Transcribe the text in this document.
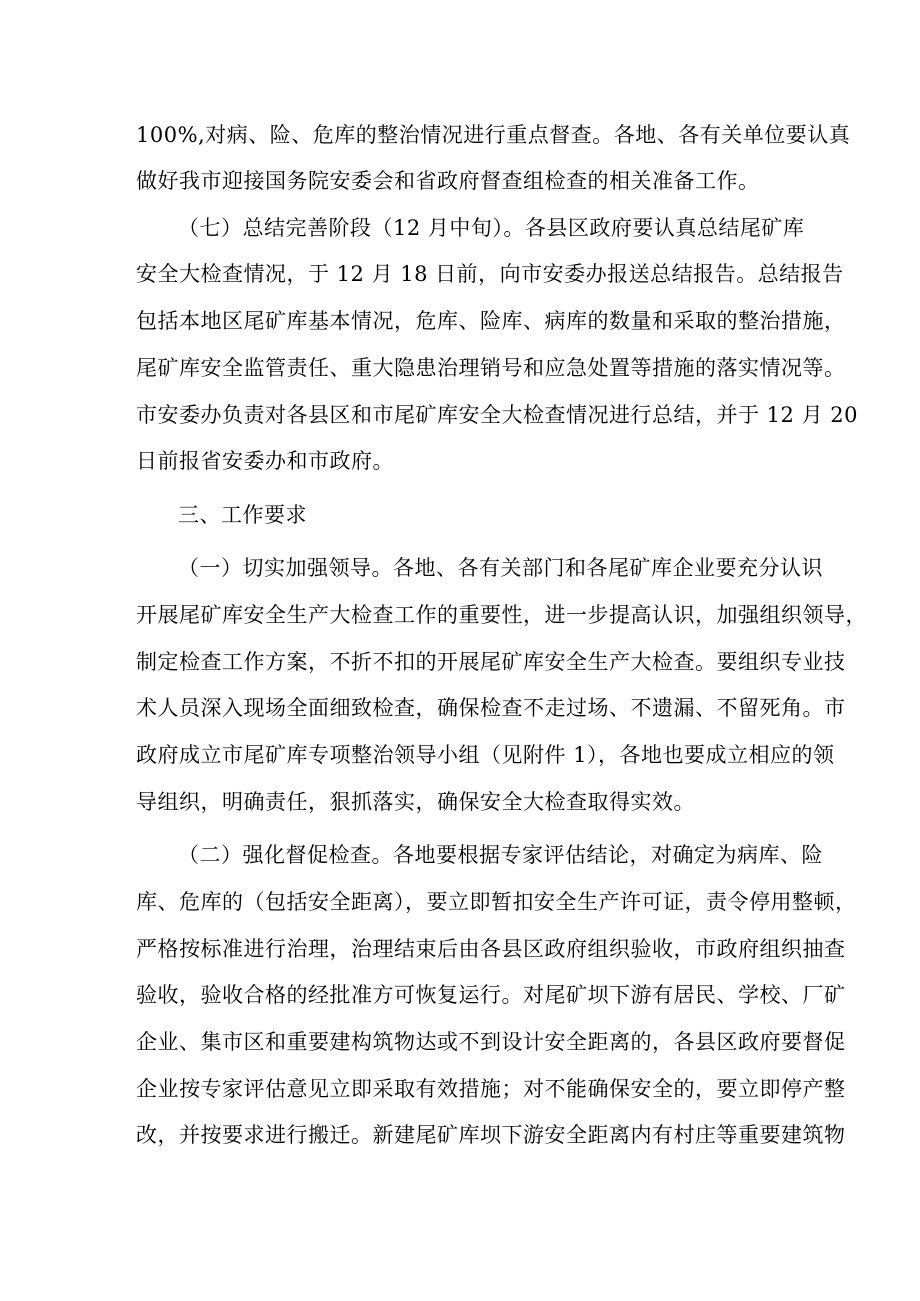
100%,对病、险、危库的整治情况进行重点督查。各地、各有关单位要认真
做好我市迎接国务院安委会和省政府督查组检查的相关准备工作。
（七）总结完善阶段（12 月中旬）。各县区政府要认真总结尾矿库
安全大检查情况，于 12 月 18 日前，向市安委办报送总结报告。总结报告
包括本地区尾矿库基本情况，危库、险库、病库的数量和采取的整治措施，
尾矿库安全监管责任、重大隐患治理销号和应急处置等措施的落实情况等。
市安委办负责对各县区和市尾矿库安全大检查情况进行总结，并于 12 月 20
日前报省安委办和市政府。
三、工作要求
（一）切实加强领导。各地、各有关部门和各尾矿库企业要充分认识
开展尾矿库安全生产大检查工作的重要性，进一步提高认识，加强组织领导，
制定检查工作方案，不折不扣的开展尾矿库安全生产大检查。要组织专业技
术人员深入现场全面细致检查，确保检查不走过场、不遗漏、不留死角。市
政府成立市尾矿库专项整治领导小组（见附件 1），各地也要成立相应的领
导组织，明确责任，狠抓落实，确保安全大检查取得实效。
（二）强化督促检查。各地要根据专家评估结论，对确定为病库、险
库、危库的（包括安全距离），要立即暂扣安全生产许可证，责令停用整顿，
严格按标准进行治理，治理结束后由各县区政府组织验收，市政府组织抽查
验收，验收合格的经批准方可恢复运行。对尾矿坝下游有居民、学校、厂矿
企业、集市区和重要建构筑物达或不到设计安全距离的，各县区政府要督促
企业按专家评估意见立即采取有效措施；对不能确保安全的，要立即停产整
改，并按要求进行搬迁。新建尾矿库坝下游安全距离内有村庄等重要建筑物
